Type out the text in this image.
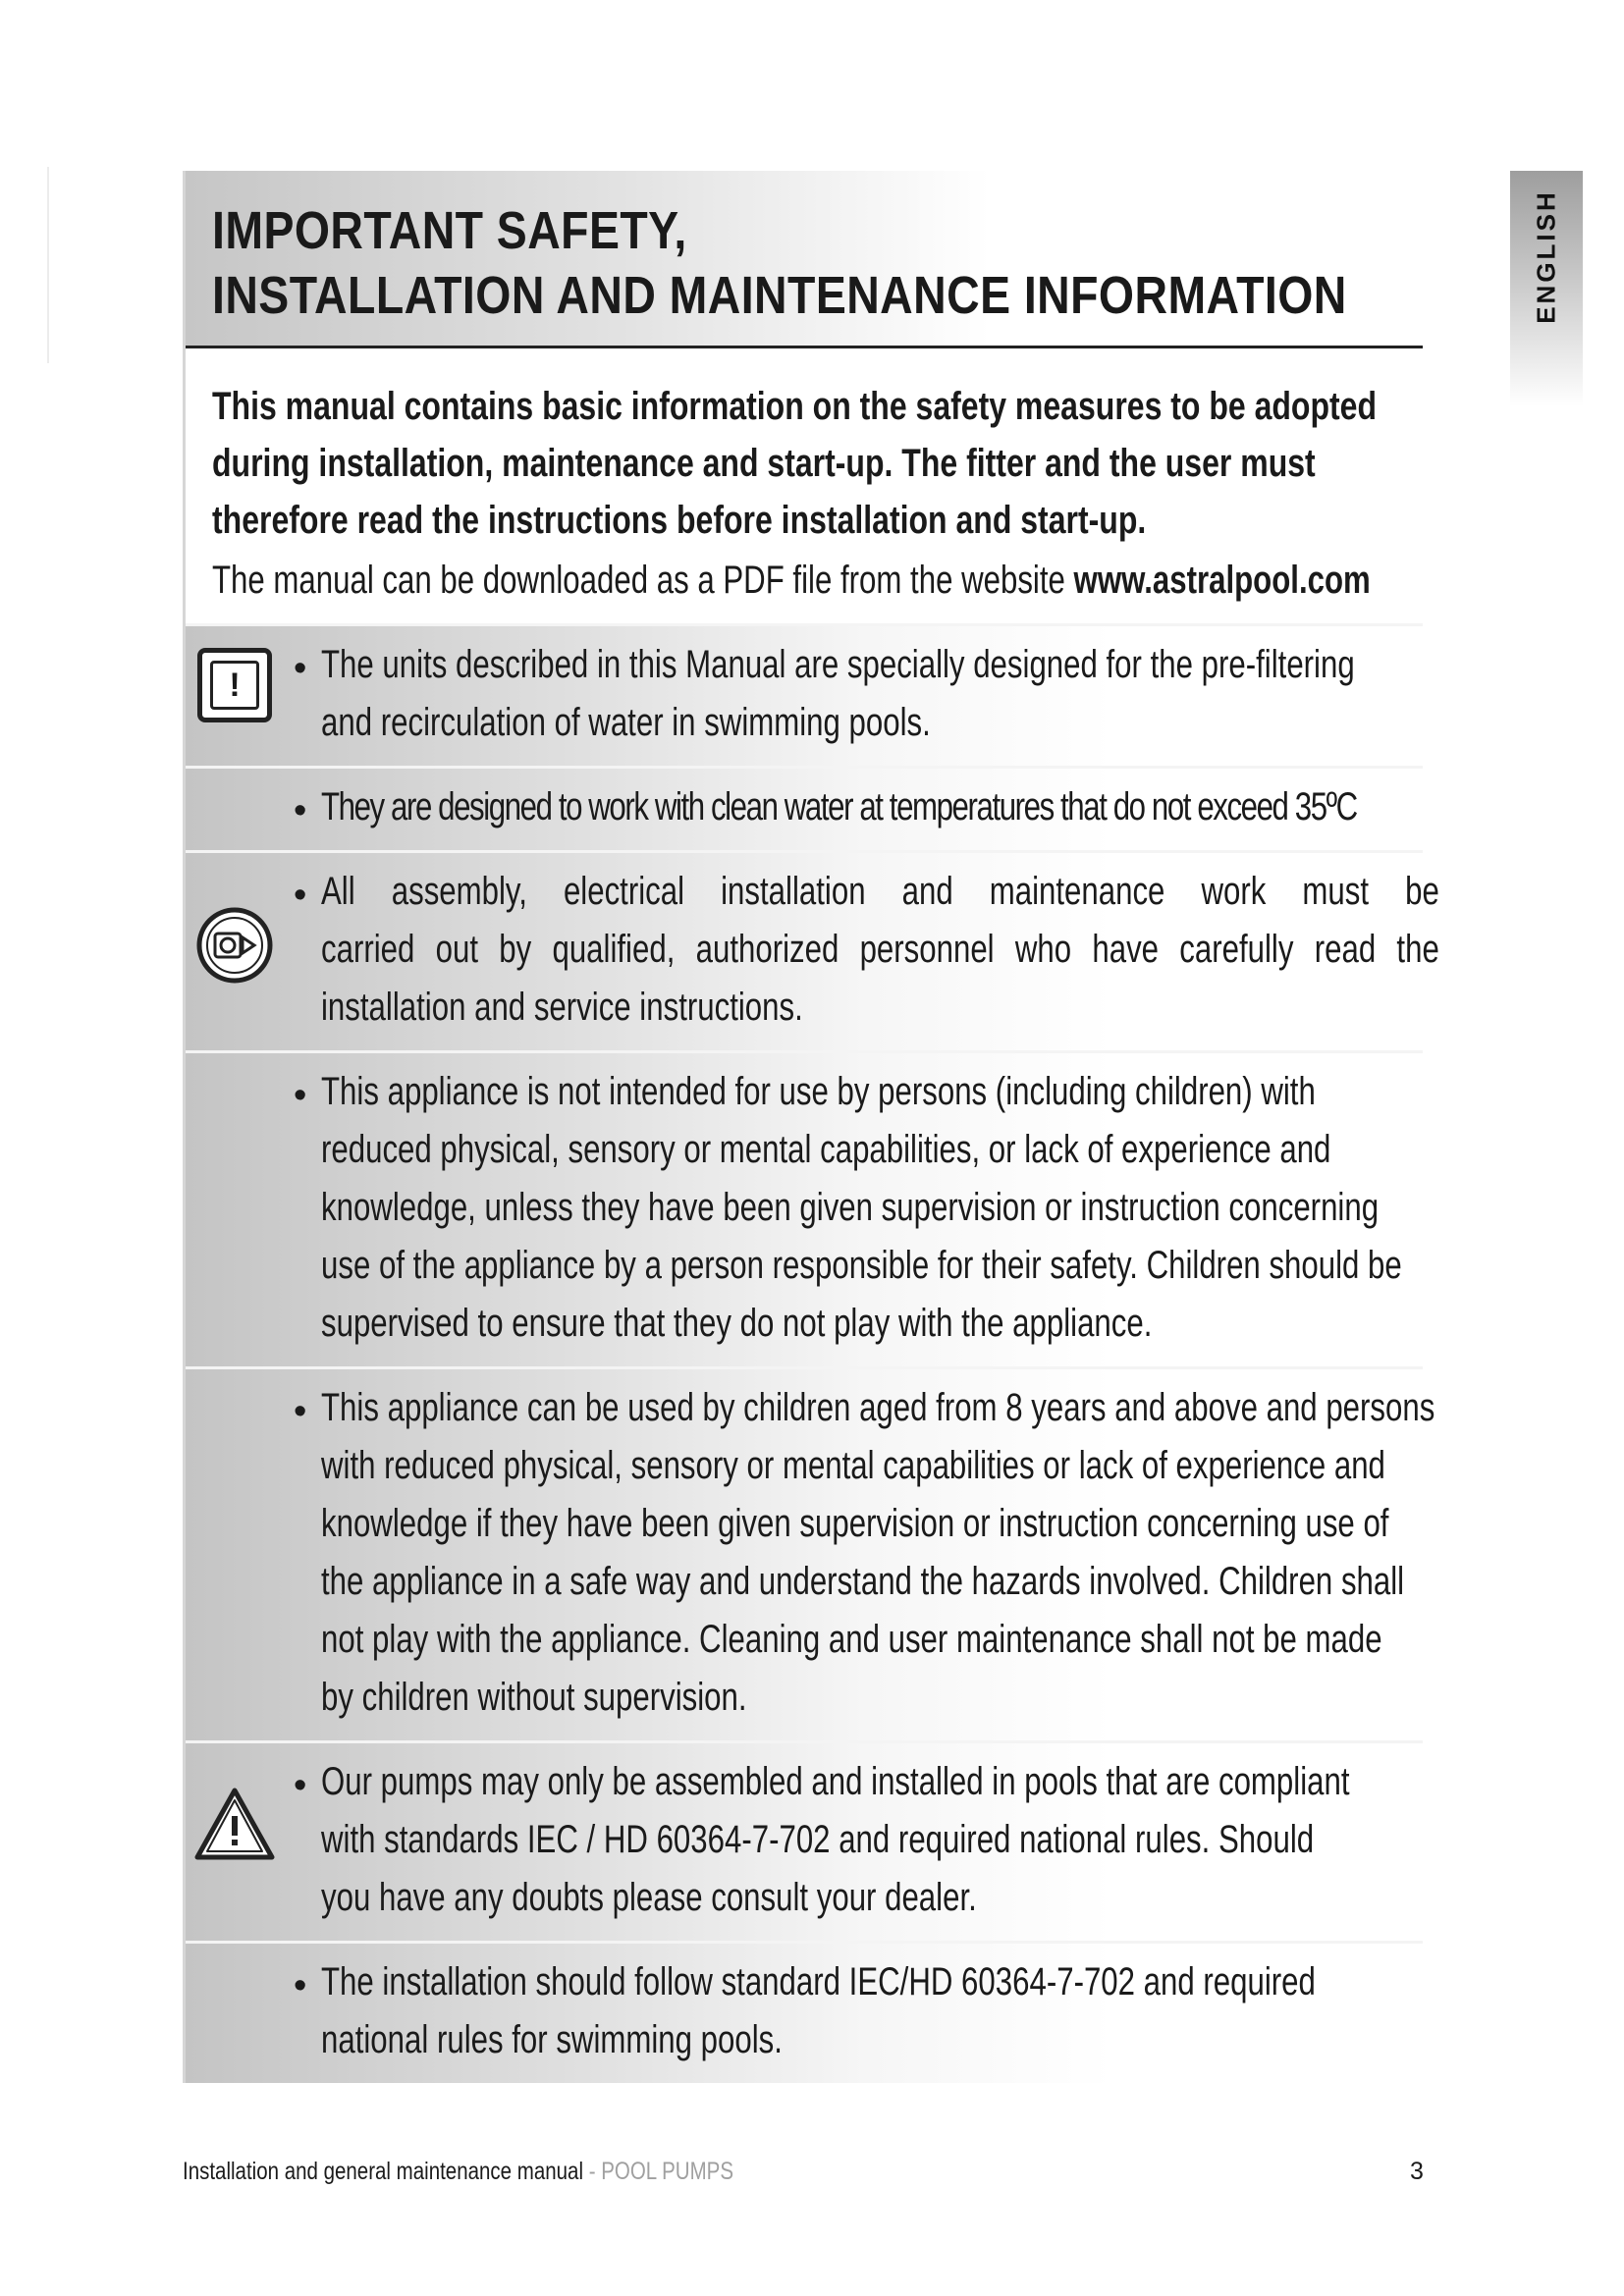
ENGLISH
IMPORTANT SAFETY,
INSTALLATION AND MAINTENANCE INFORMATION
This manual contains basic information on the safety measures to be adopted
during installation, maintenance and start-up. The fitter and the user must
therefore read the instructions before installation and start-up.
The manual can be downloaded as a PDF file from the website www.astralpool.com
!	• The units described in this Manual are specially designed for the pre-filtering
and recirculation of water in swimming pools.
• They are designed to work with clean water at temperatures that do not exceed 35ºC
• All assembly, electrical installation and maintenance work must be
carried out by qualified, authorized personnel who have carefully read the
installation and service instructions.
• This appliance is not intended for use by persons (including children) with
reduced physical, sensory or mental capabilities, or lack of experience and
knowledge, unless they have been given supervision or instruction concerning
use of the appliance by a person responsible for their safety. Children should be
supervised to ensure that they do not play with the appliance.
• This appliance can be used by children aged from 8 years and above and persons
with reduced physical, sensory or mental capabilities or lack of experience and
knowledge if they have been given supervision or instruction concerning use of
the appliance in a safe way and understand the hazards involved. Children shall
not play with the appliance. Cleaning and user maintenance shall not be made
by children without supervision.
• Our pumps may only be assembled and installed in pools that are compliant
with standards IEC / HD 60364-7-702 and required national rules. Should
you have any doubts please consult your dealer.
• The installation should follow standard IEC/HD 60364-7-702 and required
national rules for swimming pools.
Installation and general maintenance manual - POOL PUMPS	3
